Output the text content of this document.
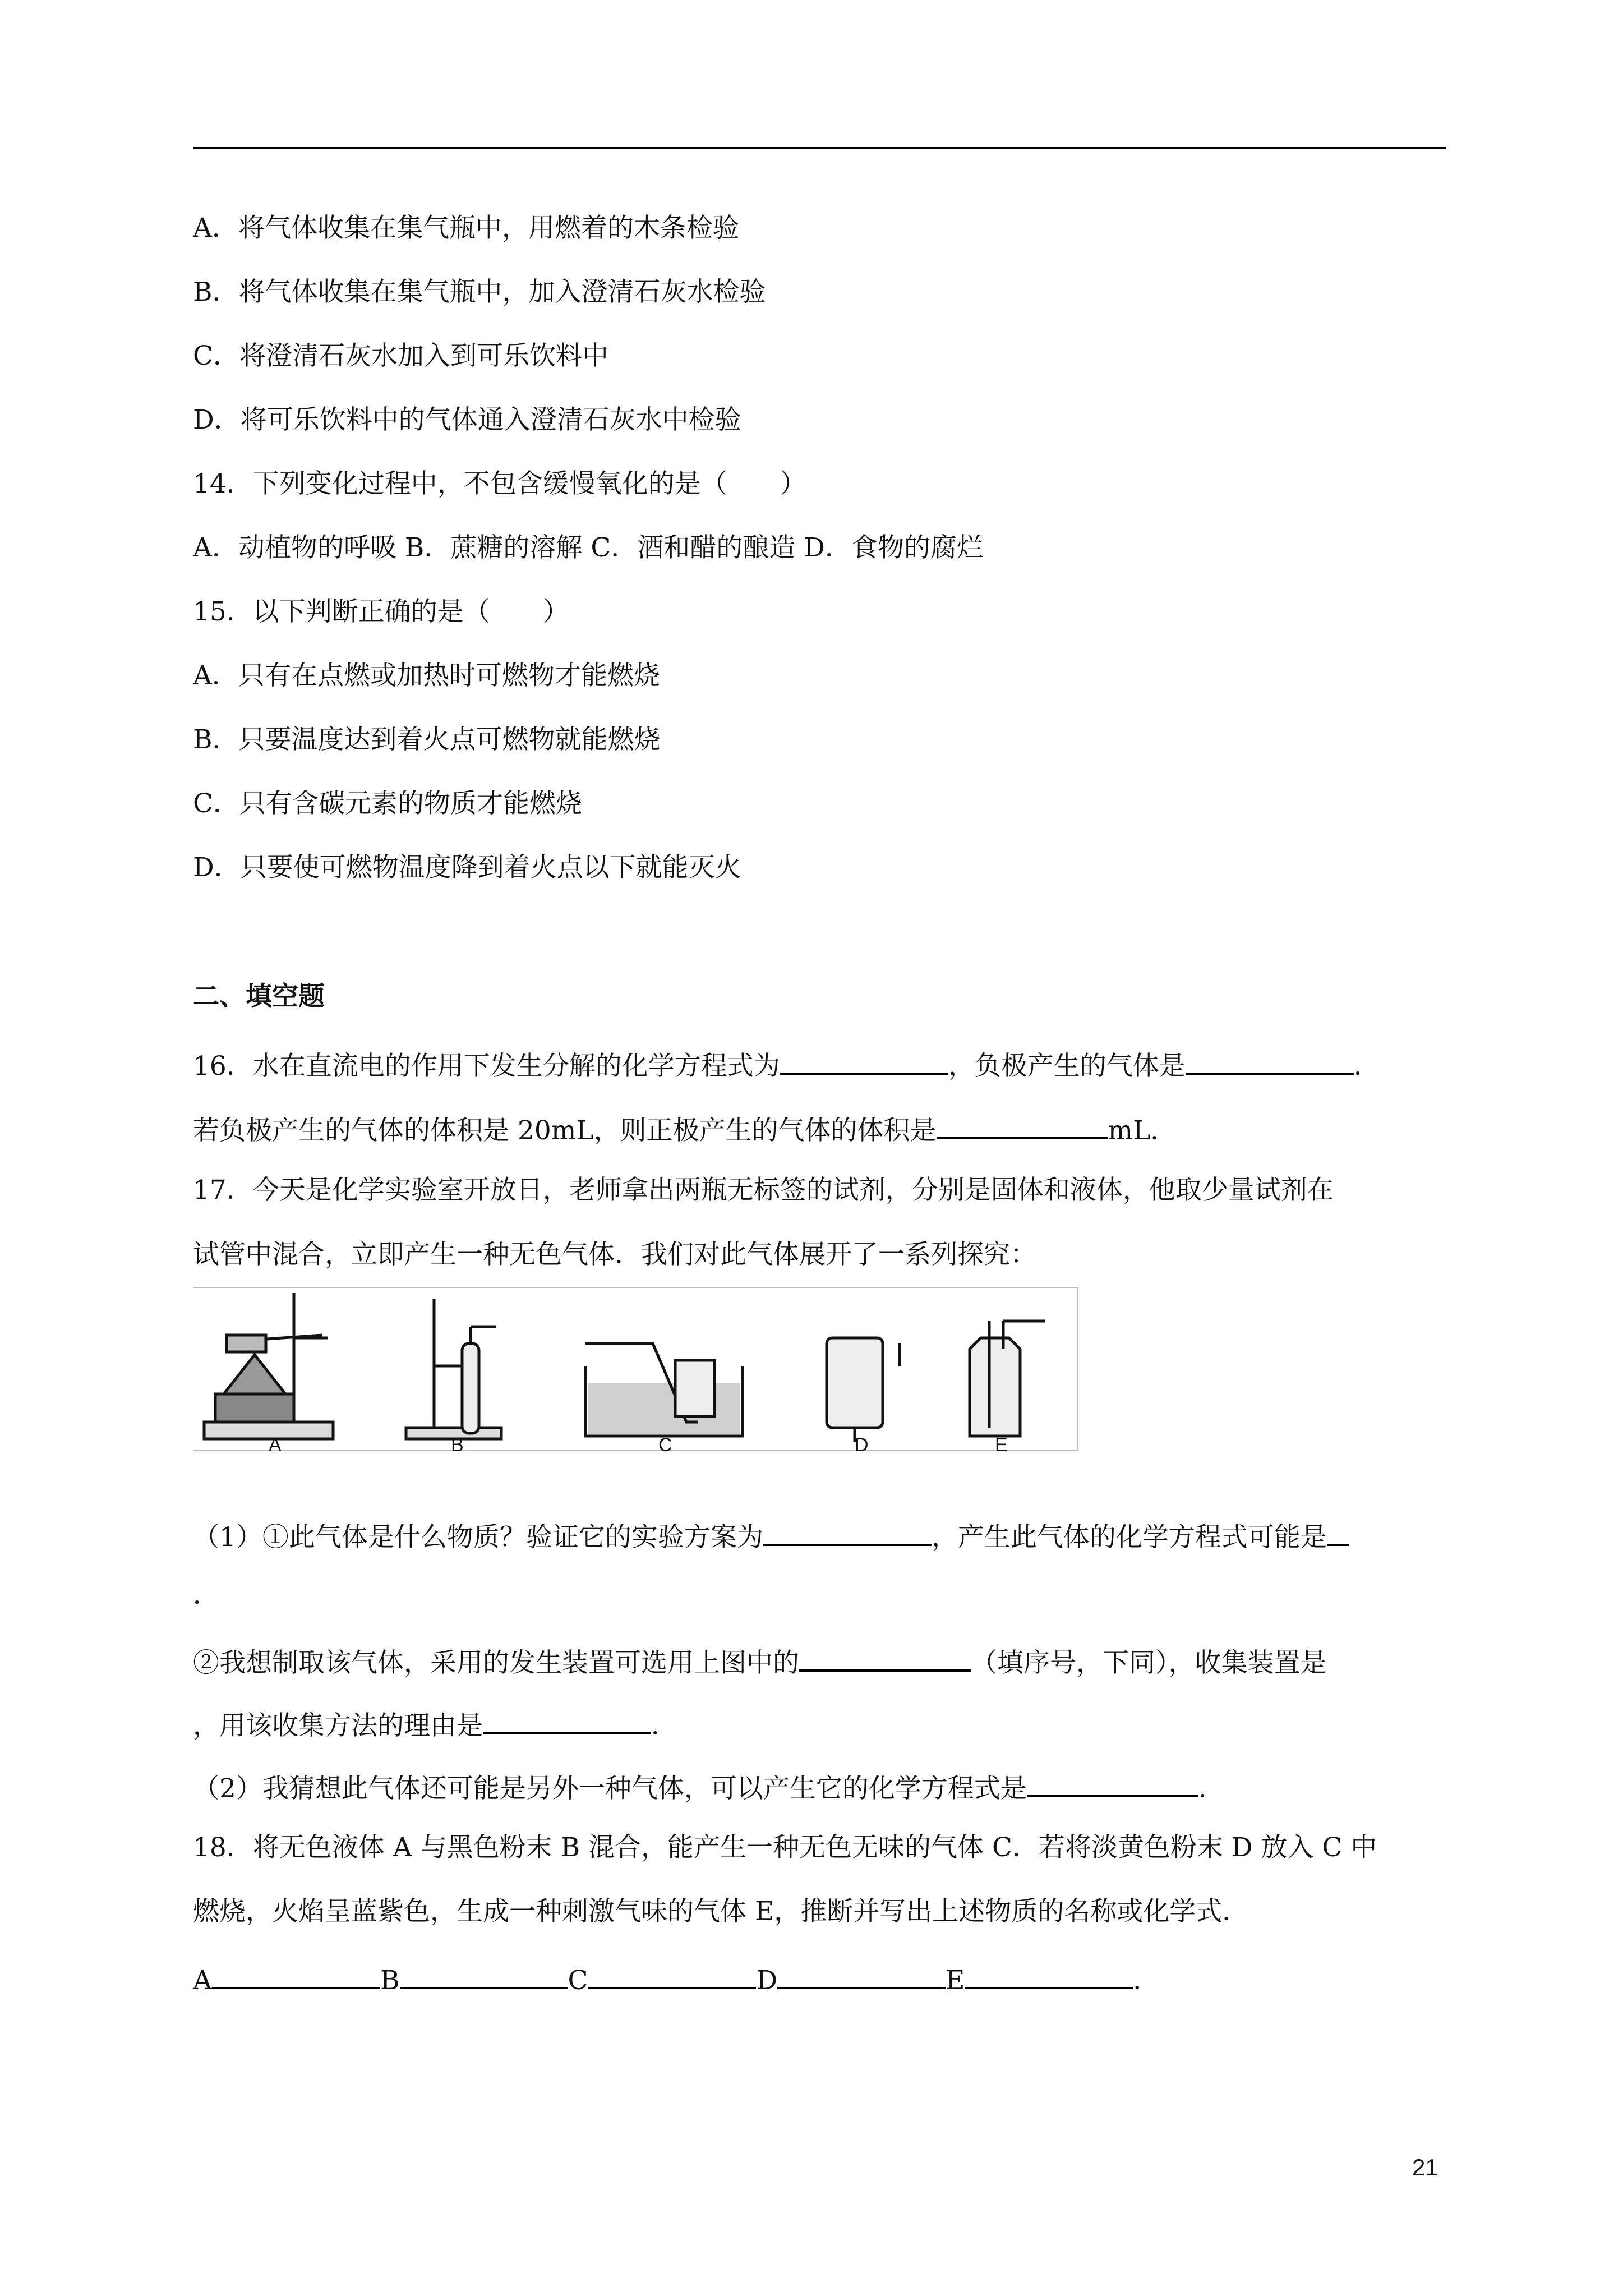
A．将气体收集在集气瓶中，用燃着的木条检验
B．将气体收集在集气瓶中，加入澄清石灰水检验
C．将澄清石灰水加入到可乐饮料中
D．将可乐饮料中的气体通入澄清石灰水中检验
14．下列变化过程中，不包含缓慢氧化的是（　　）
A．动植物的呼吸 B．蔗糖的溶解 C．酒和醋的酿造 D．食物的腐烂
15．以下判断正确的是（　　）
A．只有在点燃或加热时可燃物才能燃烧
B．只要温度达到着火点可燃物就能燃烧
C．只有含碳元素的物质才能燃烧
D．只要使可燃物温度降到着火点以下就能灭火
二、填空题
16．水在直流电的作用下发生分解的化学方程式为	，负极产生的气体是	．
若负极产生的气体的体积是 20mL，则正极产生的气体的体积是	mL．
17．今天是化学实验室开放日，老师拿出两瓶无标签的试剂，分别是固体和液体，他取少量试剂在
试管中混合，立即产生一种无色气体．我们对此气体展开了一系列探究：
A	B	C	D	E
（1）①此气体是什么物质？验证它的实验方案为	，产生此气体的化学方程式可能是
．
②我想制取该气体，采用的发生装置可选用上图中的	（填序号，下同），收集装置是
，用该收集方法的理由是	．
（2）我猜想此气体还可能是另外一种气体，可以产生它的化学方程式是	．
18．将无色液体 A 与黑色粉末 B 混合，能产生一种无色无味的气体 C．若将淡黄色粉末 D 放入 C 中
燃烧，火焰呈蓝紫色，生成一种刺激气味的气体 E，推断并写出上述物质的名称或化学式．
A	B	C	D	E	．
21
